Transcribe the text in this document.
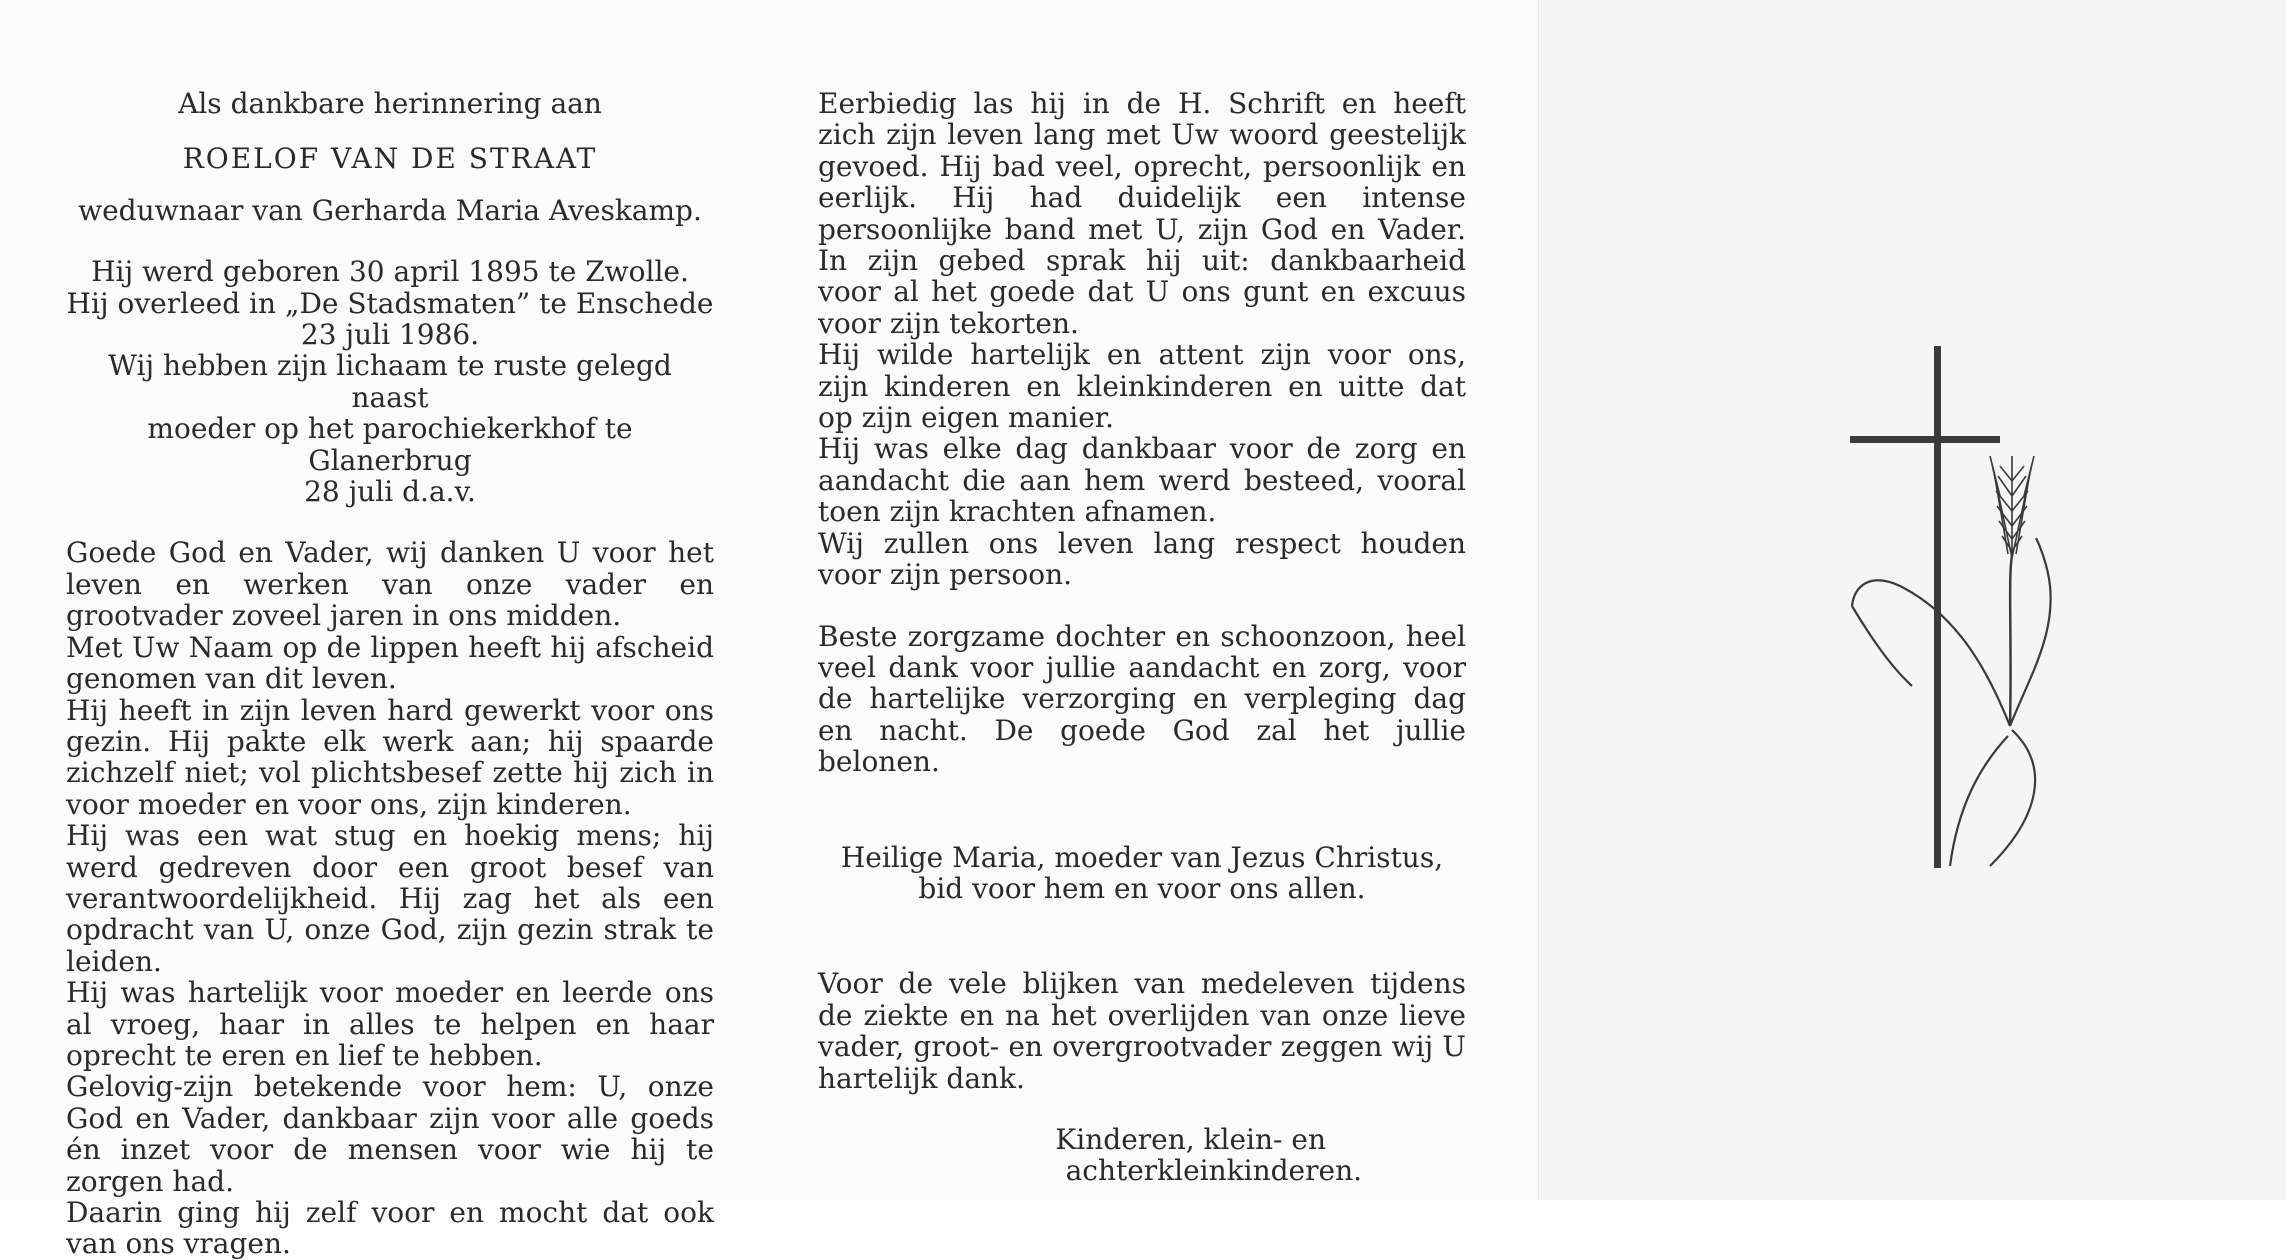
Als dankbare herinnering aan

ROELOF VAN DE STRAAT

weduwnaar van Gerharda Maria Aveskamp.

Hij werd geboren 30 april 1895 te Zwolle.

Hij overleed in „De Stadsmaten” te Enschede

23 juli 1986.

Wij hebben zijn lichaam te ruste gelegd naast

moeder op het parochiekerkhof te Glanerbrug

28 juli d.a.v.

Goede God en Vader, wij danken U voor het leven en werken van onze vader en grootvader zoveel jaren in ons midden.

Met Uw Naam op de lippen heeft hij afscheid genomen van dit leven.

Hij heeft in zijn leven hard gewerkt voor ons gezin. Hij pakte elk werk aan; hij spaarde zichzelf niet; vol plichtsbesef zette hij zich in voor moeder en voor ons, zijn kinderen.

Hij was een wat stug en hoekig mens; hij werd gedreven door een groot besef van verantwoordelijkheid. Hij zag het als een opdracht van U, onze God, zijn gezin strak te leiden.

Hij was hartelijk voor moeder en leerde ons al vroeg, haar in alles te helpen en haar oprecht te eren en lief te hebben.

Gelovig-zijn betekende voor hem: U, onze God en Vader, dankbaar zijn voor alle goeds én inzet voor de mensen voor wie hij te zorgen had.

Daarin ging hij zelf voor en mocht dat ook van ons vragen.

Eerbiedig las hij in de H. Schrift en heeft zich zijn leven lang met Uw woord geestelijk gevoed. Hij bad veel, oprecht, persoonlijk en eerlijk. Hij had duidelijk een intense persoonlijke band met U, zijn God en Vader. In zijn gebed sprak hij uit: dankbaarheid voor al het goede dat U ons gunt en excuus voor zijn tekorten.

Hij wilde hartelijk en attent zijn voor ons, zijn kinderen en kleinkinderen en uitte dat op zijn eigen manier.

Hij was elke dag dankbaar voor de zorg en aandacht die aan hem werd besteed, vooral toen zijn krachten afnamen.

Wij zullen ons leven lang respect houden voor zijn persoon.

Beste zorgzame dochter en schoonzoon, heel veel dank voor jullie aandacht en zorg, voor de hartelijke verzorging en verpleging dag en nacht. De goede God zal het jullie belonen.

Heilige Maria, moeder van Jezus Christus,

bid voor hem en voor ons allen.

Voor de vele blijken van medeleven tijdens de ziekte en na het overlijden van onze lieve vader, groot- en overgrootvader zeggen wij U hartelijk dank.

Kinderen, klein- en

achterkleinkinderen.
